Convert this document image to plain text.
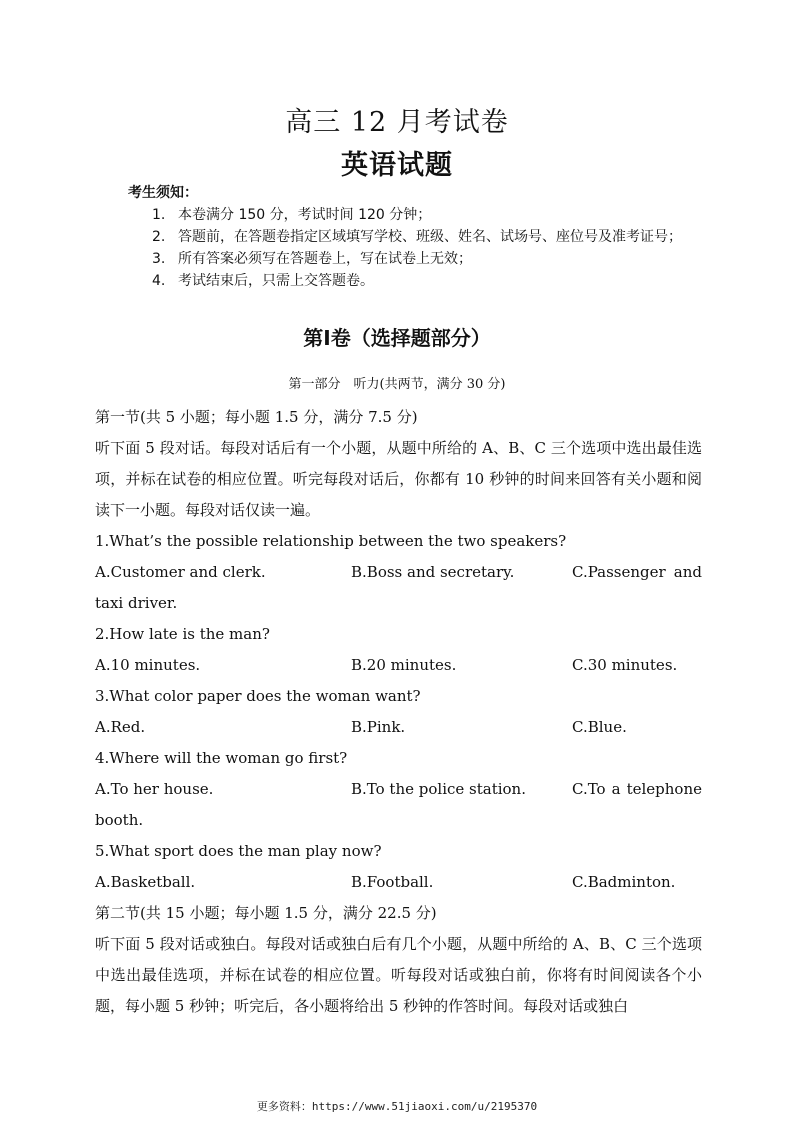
高三 12 月考试卷
英语试题
考生须知：
1. 本卷满分 150 分，考试时间 120 分钟；
2. 答题前，在答题卷指定区域填写学校、班级、姓名、试场号、座位号及准考证号；
3. 所有答案必须写在答题卷上，写在试卷上无效；
4. 考试结束后，只需上交答题卷。
第Ⅰ卷（选择题部分）
第一部分　听力(共两节，满分 30 分)
第一节(共 5 小题；每小题 1.5 分，满分 7.5 分)
听下面 5 段对话。每段对话后有一个小题，从题中所给的 A、B、C 三个选项中选出最佳选项，并标在试卷的相应位置。听完每段对话后，你都有 10 秒钟的时间来回答有关小题和阅读下一小题。每段对话仅读一遍。
1.What’s the possible relationship between the two speakers?
A.Customer and clerk.	B.Boss and secretary.	C.Passenger and
taxi driver.
2.How late is the man?
A.10 minutes.	B.20 minutes.	C.30 minutes.
3.What color paper does the woman want?
A.Red.	B.Pink.	C.Blue.
4.Where will the woman go first?
A.To her house.	B.To the police station.	C.To a telephone
booth.
5.What sport does the man play now?
A.Basketball.	B.Football.	C.Badminton.
第二节(共 15 小题；每小题 1.5 分，满分 22.5 分)
听下面 5 段对话或独白。每段对话或独白后有几个小题，从题中所给的 A、B、C 三个选项中选出最佳选项，并标在试卷的相应位置。听每段对话或独白前，你将有时间阅读各个小题，每小题 5 秒钟；听完后，各小题将给出 5 秒钟的作答时间。每段对话或独白
更多资料：https://www.51jiaoxi.com/u/2195370
